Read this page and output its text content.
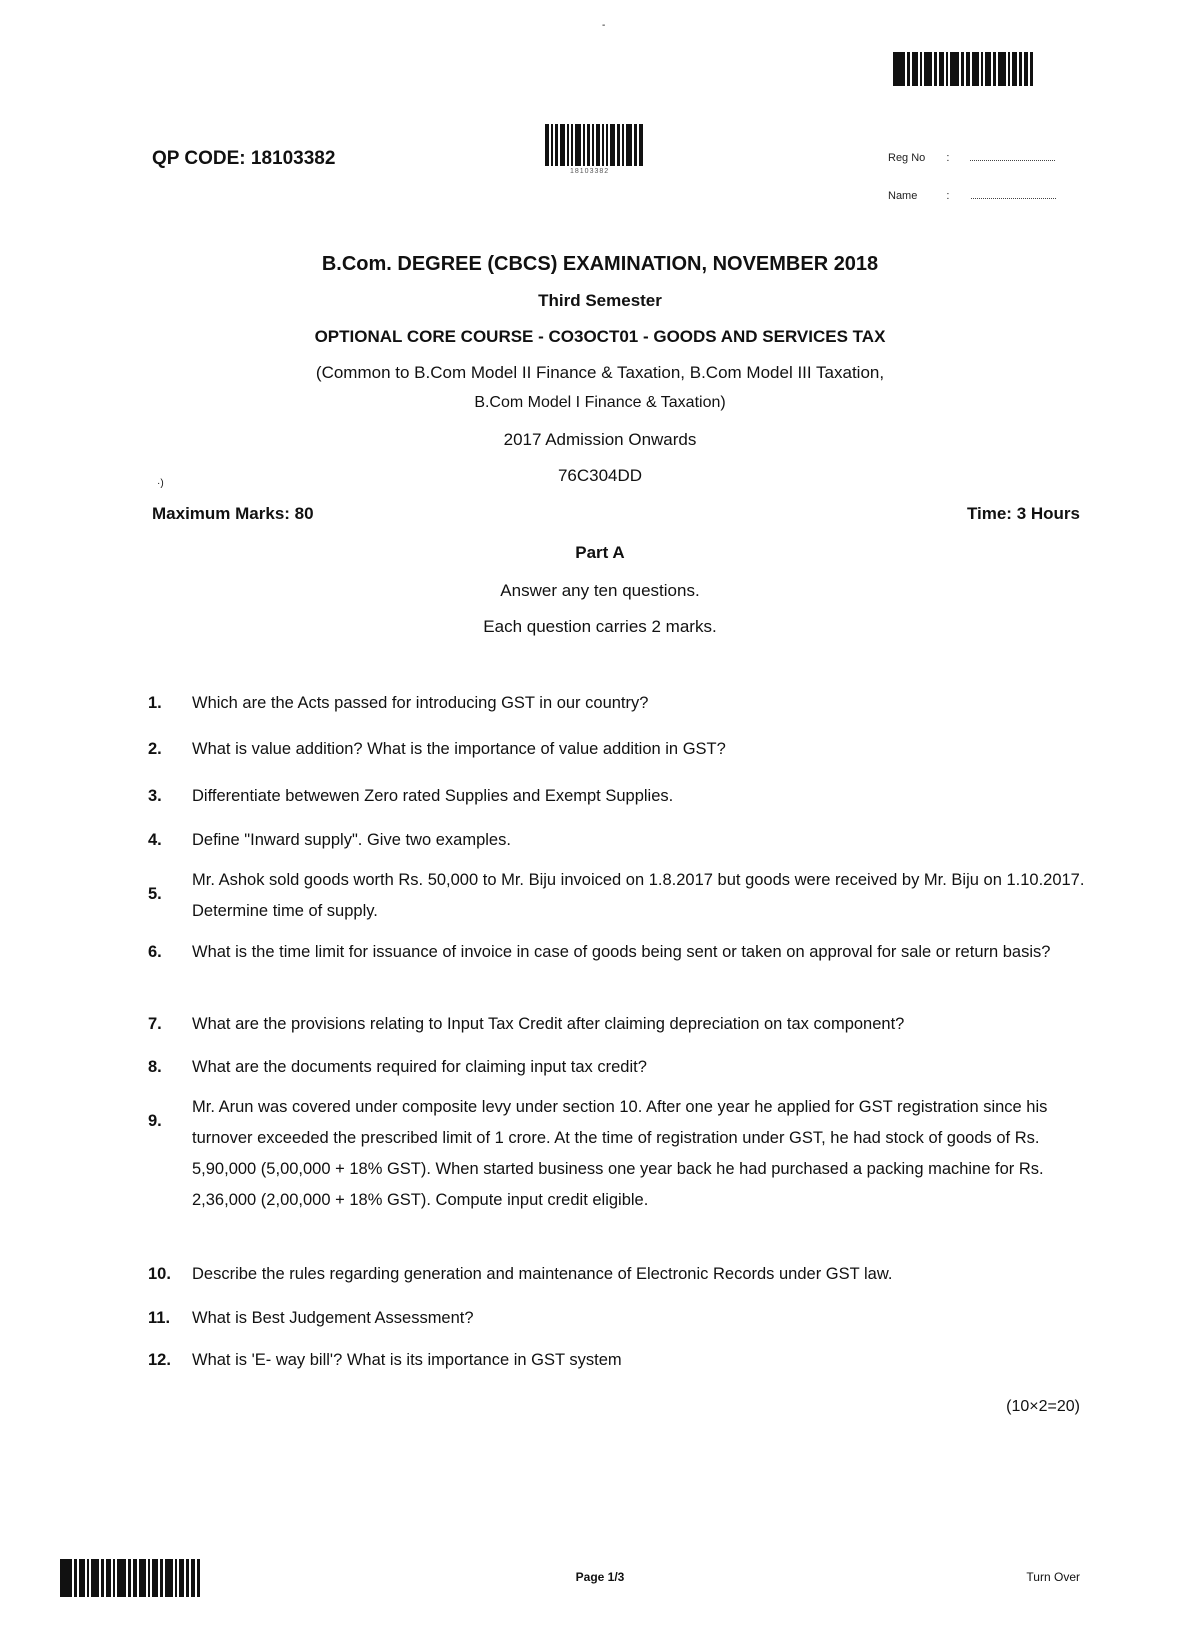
-
·)
QP CODE: 18103382
18103382
Reg No :
Name	:
B.Com. DEGREE (CBCS) EXAMINATION, NOVEMBER 2018
Third Semester
OPTIONAL CORE COURSE - CO3OCT01 - GOODS AND SERVICES TAX
(Common to B.Com Model II Finance & Taxation, B.Com Model III Taxation,
B.Com Model I Finance & Taxation)
2017 Admission Onwards
76C304DD
Maximum Marks: 80	Time: 3 Hours
Part A
Answer any ten questions.
Each question carries 2 marks.
1.	Which are the Acts passed for introducing GST in our country?
2.	What is value addition? What is the importance of value addition in GST?
3.	Differentiate betwewen Zero rated Supplies and Exempt Supplies.
4.	Define "Inward supply". Give two examples.
5.
Mr. Ashok sold goods worth Rs. 50,000 to Mr. Biju invoiced on 1.8.2017 but goods were received by Mr. Biju on 1.10.2017. Determine time of supply.
6.	What is the time limit for issuance of invoice in case of goods being sent or taken on approval for sale or return basis?
7.	What are the provisions relating to Input Tax Credit after claiming depreciation on tax component?
8.	What are the documents required for claiming input tax credit?
9.
Mr. Arun was covered under composite levy under section 10. After one year he applied for GST registration since his turnover exceeded the prescribed limit of 1 crore. At the time of registration under GST, he had stock of goods of Rs. 5,90,000 (5,00,000 + 18% GST). When started business one year back he had purchased a packing machine for Rs. 2,36,000 (2,00,000 + 18% GST). Compute input credit eligible.
10.	Describe the rules regarding generation and maintenance of Electronic Records under GST law.
11.	What is Best Judgement Assessment?
12.	What is 'E- way bill'? What is its importance in GST system
(10×2=20)
Page 1/3	Turn Over
